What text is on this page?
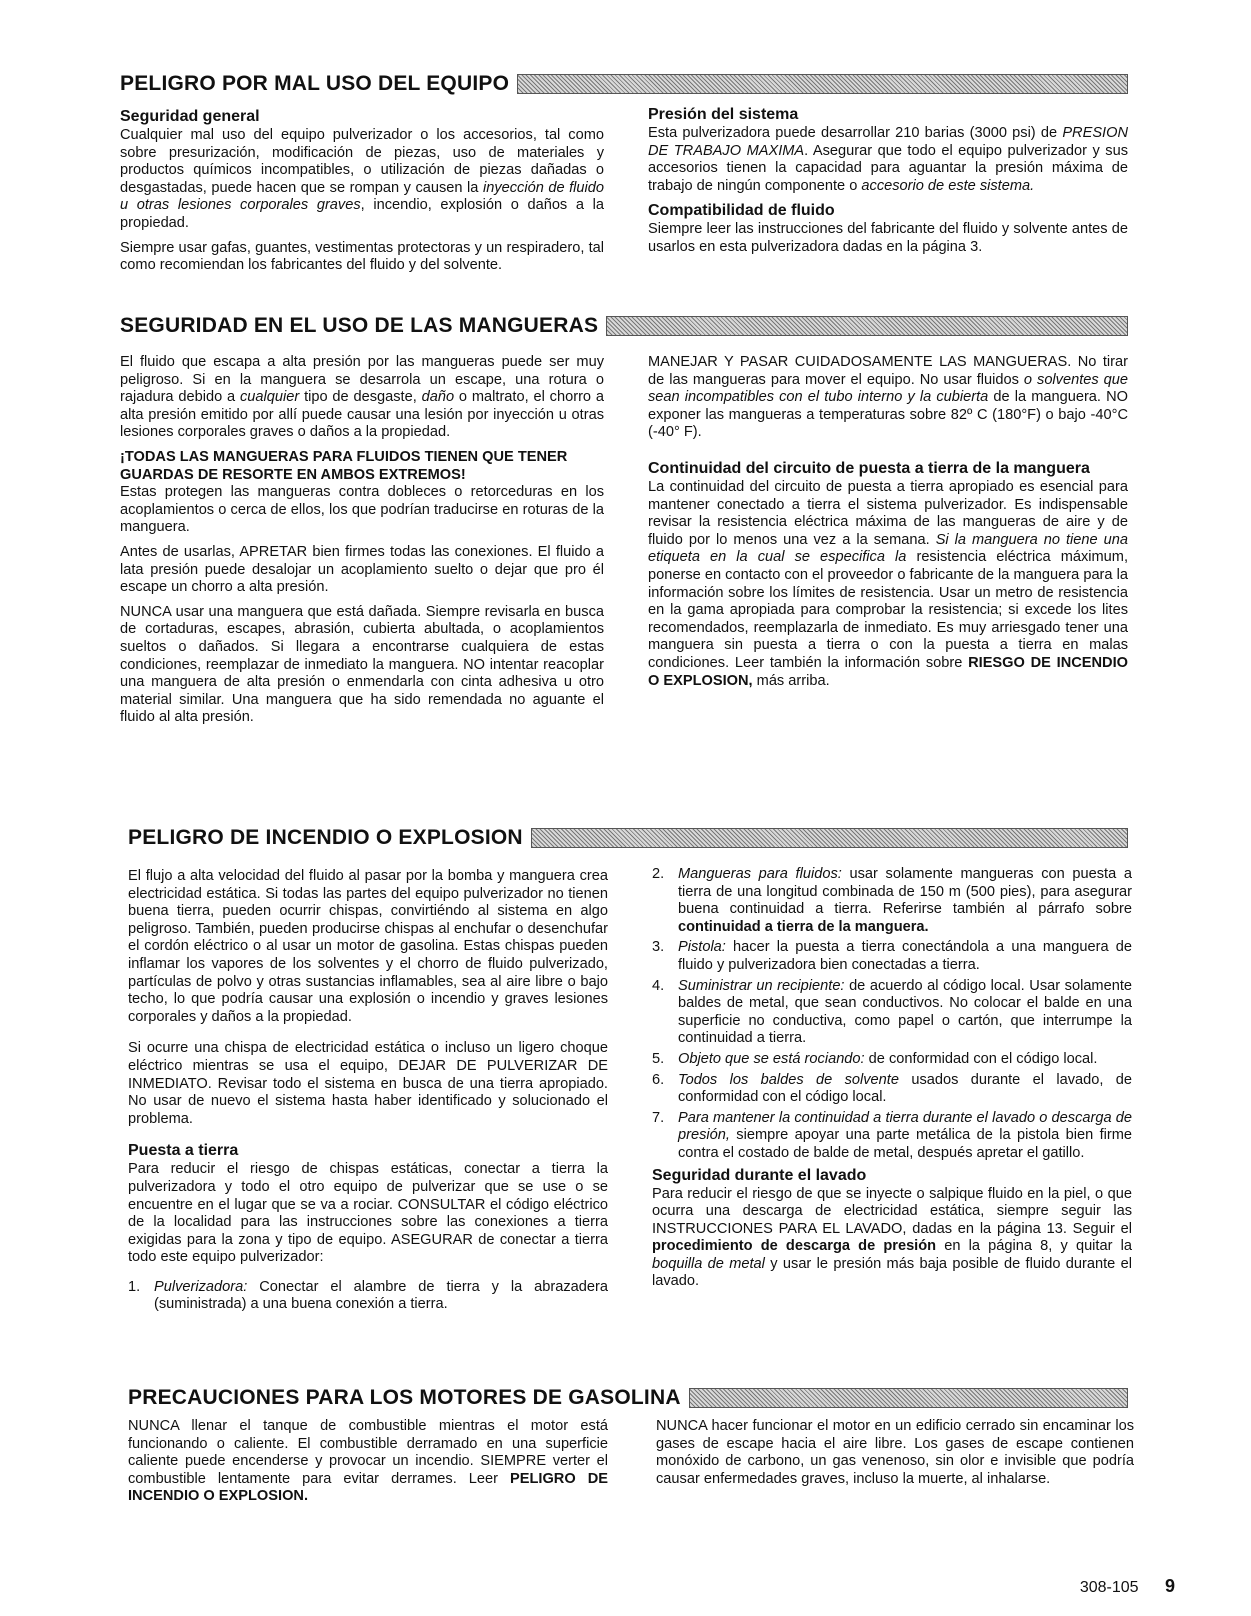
PELIGRO POR MAL USO DEL EQUIPO
Seguridad general

Cualquier mal uso del equipo pulverizador o los accesorios, tal como sobre presurización, modificación de piezas, uso de materiales y productos químicos incompatibles, o utilización de piezas dañadas o desgastadas, puede hacen que se rompan y causen la inyección de fluido u otras lesiones corporales graves, incendio, explosión o daños a la propiedad.

Siempre usar gafas, guantes, vestimentas protectoras y un respiradero, tal como recomiendan los fabricantes del fluido y del solvente.

Presión del sistema

Esta pulverizadora puede desarrollar 210 barias (3000 psi) de PRESION DE TRABAJO MAXIMA. Asegurar que todo el equipo pulverizador y sus accesorios tienen la capacidad para aguantar la presión máxima de trabajo de ningún componente o accesorio de este sistema.

Compatibilidad de fluido

Siempre leer las instrucciones del fabricante del fluido y solvente antes de usarlos en esta pulverizadora dadas en la página 3.

SEGURIDAD EN EL USO DE LAS MANGUERAS

El fluido que escapa a alta presión por las mangueras puede ser muy peligroso. Si en la manguera se desarrola un escape, una rotura o rajadura debido a cualquier tipo de desgaste, daño o maltrato, el chorro a alta presión emitido por allí puede causar una lesión por inyección u otras lesiones corporales graves o daños a la propiedad.

¡TODAS LAS MANGUERAS PARA FLUIDOS TIENEN QUE TENER GUARDAS DE RESORTE EN AMBOS EXTREMOS!

Estas protegen las mangueras contra dobleces o retorceduras en los acoplamientos o cerca de ellos, los que podrían traducirse en roturas de la manguera.

Antes de usarlas, APRETAR bien firmes todas las conexiones. El fluido a lata presión puede desalojar un acoplamiento suelto o dejar que pro él escape un chorro a alta presión.

NUNCA usar una manguera que está dañada. Siempre revisarla en busca de cortaduras, escapes, abrasión, cubierta abultada, o acoplamientos sueltos o dañados. Si llegara a encontrarse cualquiera de estas condiciones, reemplazar de inmediato la manguera. NO intentar reacoplar una manguera de alta presión o enmendarla con cinta adhesiva u otro material similar. Una manguera que ha sido remendada no aguante el fluido al alta presión.

MANEJAR Y PASAR CUIDADOSAMENTE LAS MANGUERAS. No tirar de las mangueras para mover el equipo. No usar fluidos o solventes que sean incompatibles con el tubo interno y la cubierta de la manguera. NO exponer las mangueras a temperaturas sobre 82º C (180°F) o bajo -40°C (-40° F).

Continuidad del circuito de puesta a tierra de la manguera

La continuidad del circuito de puesta a tierra apropiado es esencial para mantener conectado a tierra el sistema pulverizador. Es indispensable revisar la resistencia eléctrica máxima de las mangueras de aire y de fluido por lo menos una vez a la semana. Si la manguera no tiene una etiqueta en la cual se especifica la resistencia eléctrica máximum, ponerse en contacto con el proveedor o fabricante de la manguera para la información sobre los límites de resistencia. Usar un metro de resistencia en la gama apropiada para comprobar la resistencia; si excede los lites recomendados, reemplazarla de inmediato. Es muy arriesgado tener una manguera sin puesta a tierra o con la puesta a tierra en malas condiciones. Leer también la información sobre RIESGO DE INCENDIO O EXPLOSION, más arriba.

PELIGRO DE INCENDIO O EXPLOSION

El flujo a alta velocidad del fluido al pasar por la bomba y manguera crea electricidad estática. Si todas las partes del equipo pulverizador no tienen buena tierra, pueden ocurrir chispas, convirtiéndo al sistema en algo peligroso. También, pueden producirse chispas al enchufar o desenchufar el cordón eléctrico o al usar un motor de gasolina. Estas chispas pueden inflamar los vapores de los solventes y el chorro de fluido pulverizado, partículas de polvo y otras sustancias inflamables, sea al aire libre o bajo techo, lo que podría causar una explosión o incendio y graves lesiones corporales y daños a la propiedad.

Si ocurre una chispa de electricidad estática o incluso un ligero choque eléctrico mientras se usa el equipo, DEJAR DE PULVERIZAR DE INMEDIATO. Revisar todo el sistema en busca de una tierra apropiado. No usar de nuevo el sistema hasta haber identificado y solucionado el problema.

Puesta a tierra

Para reducir el riesgo de chispas estáticas, conectar a tierra la pulverizadora y todo el otro equipo de pulverizar que se use o se encuentre en el lugar que se va a rociar. CONSULTAR el código eléctrico de la localidad para las instrucciones sobre las conexiones a tierra exigidas para la zona y tipo de equipo. ASEGURAR de conectar a tierra todo este equipo pulverizador:

1. Pulverizadora: Conectar el alambre de tierra y la abrazadera (suministrada) a una buena conexión a tierra.
2. Mangueras para fluidos: usar solamente mangueras con puesta a tierra de una longitud combinada de 150 m (500 pies), para asegurar buena continuidad a tierra. Referirse también al párrafo sobre continuidad a tierra de la manguera.
3. Pistola: hacer la puesta a tierra conectándola a una manguera de fluido y pulverizadora bien conectadas a tierra.
4. Suministrar un recipiente: de acuerdo al código local. Usar solamente baldes de metal, que sean conductivos. No colocar el balde en una superficie no conductiva, como papel o cartón, que interrumpe la continuidad a tierra.
5. Objeto que se está rociando: de conformidad con el código local.
6. Todos los baldes de solvente usados durante el lavado, de conformidad con el código local.
7. Para mantener la continuidad a tierra durante el lavado o descarga de presión, siempre apoyar una parte metálica de la pistola bien firme contra el costado de balde de metal, después apretar el gatillo.
Seguridad durante el lavado

Para reducir el riesgo de que se inyecte o salpique fluido en la piel, o que ocurra una descarga de electricidad estática, siempre seguir las INSTRUCCIONES PARA EL LAVADO, dadas en la página 13. Seguir el procedimiento de descarga de presión en la página 8, y quitar la boquilla de metal y usar le presión más baja posible de fluido durante el lavado.

PRECAUCIONES PARA LOS MOTORES DE GASOLINA

NUNCA llenar el tanque de combustible mientras el motor está funcionando o caliente. El combustible derramado en una superficie caliente puede encenderse y provocar un incendio. SIEMPRE verter el combustible lentamente para evitar derrames. Leer PELIGRO DE INCENDIO O EXPLOSION.

NUNCA hacer funcionar el motor en un edificio cerrado sin encaminar los gases de escape hacia el aire libre. Los gases de escape contienen monóxido de carbono, un gas venenoso, sin olor e invisible que podría causar enfermedades graves, incluso la muerte, al inhalarse.

308-105 9
